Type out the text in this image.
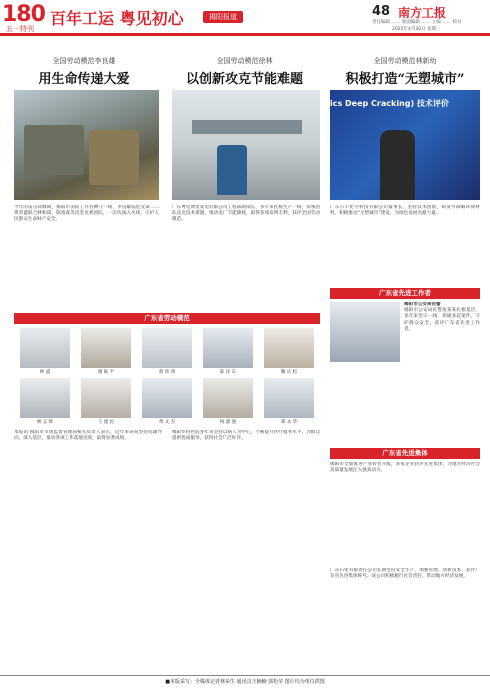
180
五一特刊
百年工运 粤见初心	揭阳报道	48 南方工报
责任编辑 …… 版面编辑 …… 主编 …… 校对
2025年4月30日 星期三
全国劳动模范李良雄
用生命传递大爱
今年的雷击高峰期，揭阳市消防工作者蹲守一线，李良雄临危受命…… 黄荣鑫联合林和谋、陈旭森等攻坚克难团队，一次次闯入火场，守护人民群众生命财产安全。
全国劳动模范徐林
以创新攻克节能难题
广东粤电博贺发电有限公司工程部副部长，多年来扎根生产一线，带领团队攻克技术难题，推动电厂节能降耗，取得多项发明专利，获评全国劳动模范。
全国劳动模范林新幼
积极打造“无塑城市”
ics Deep Cracking) 技术评价
广东示丰化学科技有限公司董事长，坚持技术创新，研发可降解环保材料，积极推动“无塑城市”建设，为绿色发展贡献力量。
广东省劳动模范
广东省先进工作者
广东省先进集体
林 盛	谢 砺 平	蔡 炜 鸿	陈 泽 东	赖 庆 松
林 志 辉	王 建 民	黄 文 杰	杨 建 强	郑 永 华
揭阳市公安局民警
揭阳市公安局民警詹某某扎根基层，多年来坚守一线，侦破多起案件，守护群众安全，获评广东省先进工作者。
本报讯 揭阳市市场监督管理局相关负责人表示，近年来该局坚持问题导向，深入基层，推动各项工作落地见效，取得显著成绩。
揭阳华侨医院多年来坚持以病人为中心，不断提升医疗服务水平，为群众提供优质服务，获得社会广泛好评。
揭阳市全面推进产业转型升级，多家企业获评先进集体，为地方经济社会高质量发展注入强劲动力。
广东石化有限责任公司长期坚持安全生产，加强管理，创新技术，获评广东省先进集体称号。该公司积极履行社会责任，带动地方经济发展。
■本版采写：全媒体记者林荣生 通讯员王楠楠 郭松莹 图片均为单位供图
